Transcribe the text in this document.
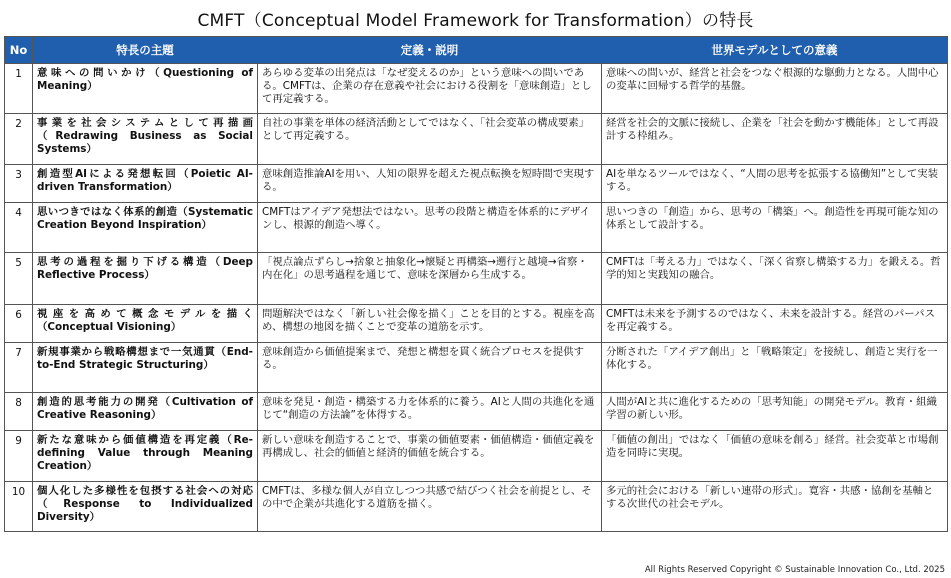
CMFT（Conceptual Model Framework for Transformation）の特長
No	特長の主題	定義・説明	世界モデルとしての意義
1	意味への問いかけ（Questioning of Meaning）	あらゆる変革の出発点は「なぜ変えるのか」という意味への問いである。CMFTは、企業の存在意義や社会における役割を「意味創造」として再定義する。	意味への問いが、経営と社会をつなぐ根源的な駆動力となる。人間中心の変革に回帰する哲学的基盤。
2	事業を社会システムとして再描画（Redrawing Business as Social Systems）	自社の事業を単体の経済活動としてではなく、「社会変革の構成要素」として再定義する。	経営を社会的文脈に接続し、企業を「社会を動かす機能体」として再設計する枠組み。
3	創造型AIによる発想転回（Poietic AI-driven Transformation）	意味創造推論AIを用い、人知の限界を超えた視点転換を短時間で実現する。	AIを単なるツールではなく、“人間の思考を拡張する協働知”として実装する。
4	思いつきではなく体系的創造（Systematic Creation Beyond Inspiration）	CMFTはアイデア発想法ではない。思考の段階と構造を体系的にデザインし、根源的創造へ導く。	思いつきの「創造」から、思考の「構築」へ。創造性を再現可能な知の体系として設計する。
5	思考の過程を掘り下げる構造（Deep Reflective Process）	「視点論点ずらし→捨象と抽象化→懐疑と再構築→遡行と越境→省察・内在化」の思考過程を通じて、意味を深層から生成する。	CMFTは「考える力」ではなく、「深く省察し構築する力」を鍛える。哲学的知と実践知の融合。
6	視座を高めて概念モデルを描く（Conceptual Visioning）	問題解決ではなく「新しい社会像を描く」ことを目的とする。視座を高め、構想の地図を描くことで変革の道筋を示す。	CMFTは未来を予測するのではなく、未来を設計する。経営のパーパスを再定義する。
7	新規事業から戦略構想まで一気通貫（End-to-End Strategic Structuring）	意味創造から価値提案まで、発想と構想を貫く統合プロセスを提供する。	分断された「アイデア創出」と「戦略策定」を接続し、創造と実行を一体化する。
8	創造的思考能力の開発（Cultivation of Creative Reasoning）	意味を発見・創造・構築する力を体系的に養う。AIと人間の共進化を通じて“創造の方法論”を体得する。	人間がAIと共に進化するための「思考知能」の開発モデル。教育・組織学習の新しい形。
9	新たな意味から価値構造を再定義（Re-defining Value through Meaning Creation）	新しい意味を創造することで、事業の価値要素・価値構造・価値定義を再構成し、社会的価値と経済的価値を統合する。	「価値の創出」ではなく「価値の意味を創る」経営。社会変革と市場創造を同時に実現。
10	個人化した多様性を包摂する社会への対応（Response to Individualized Diversity）	CMFTは、多様な個人が自立しつつ共感で結びつく社会を前提とし、その中で企業が共進化する道筋を描く。	多元的社会における「新しい連帯の形式」。寛容・共感・協創を基軸とする次世代の社会モデル。
All Rights Reserved Copyright © Sustainable Innovation Co., Ltd. 2025
